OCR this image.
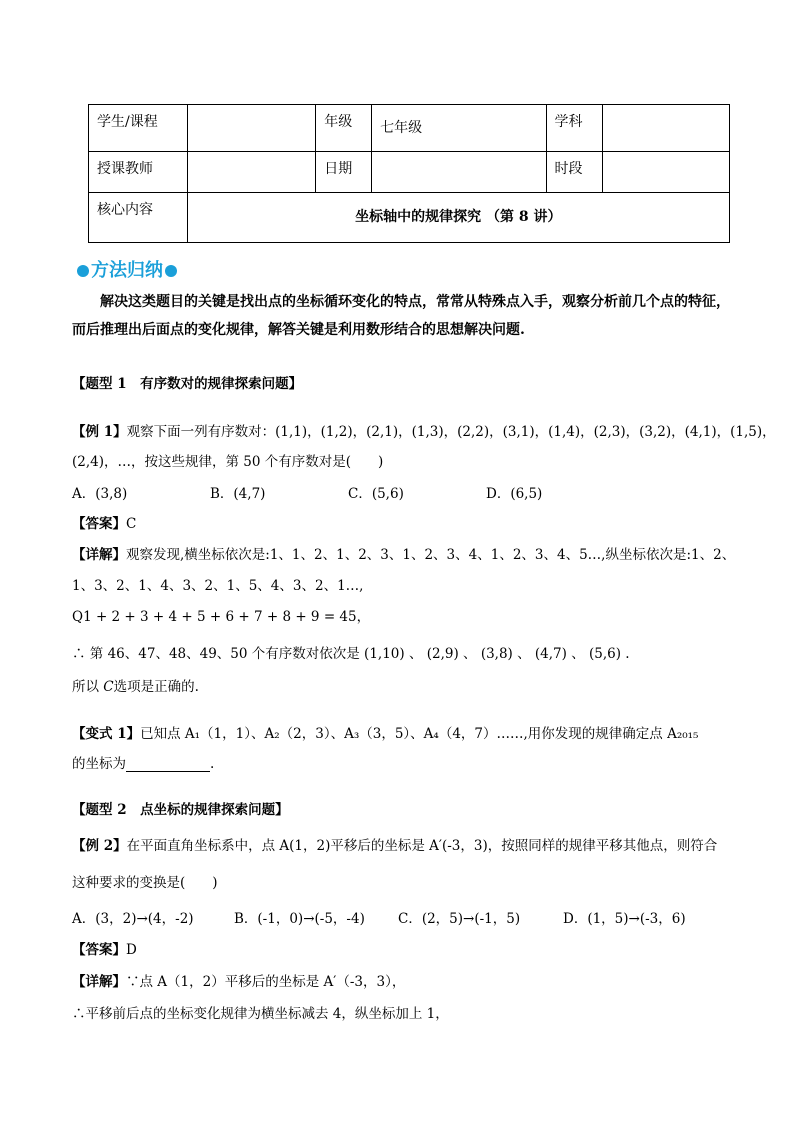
学生/课程		年级	七年级	学科	
授课教师		日期		时段	
核心内容	坐标轴中的规律探究 （第 8 讲）				
方法归纳
解决这类题目的关键是找出点的坐标循环变化的特点，常常从特殊点入手，观察分析前几个点的特征，而后推理出后面点的变化规律，解答关键是利用数形结合的思想解决问题.
【题型 1　有序数对的规律探索问题】
【例 1】观察下面一列有序数对：(1,1)，(1,2)，(2,1)，(1,3)，(2,2)，(3,1)，(1,4)，(2,3)，(3,2)，(4,1)，(1,5)，
(2,4)，…，按这些规律，第 50 个有序数对是(　　)
A．(3,8)	B．(4,7)	C．(5,6)	D．(6,5)
【答案】C
【详解】观察发现,横坐标依次是:1、1、2、1、2、3、1、2、3、4、1、2、3、4、5…,纵坐标依次是:1、2、
1、3、2、1、4、3、2、1、5、4、3、2、1…,
Q1 + 2 + 3 + 4 + 5 + 6 + 7 + 8 + 9 = 45，
∴ 第 46、47、48、49、50 个有序数对依次是 (1,10) 、 (2,9) 、 (3,8) 、 (4,7) 、 (5,6) .
所以 C选项是正确的.
【变式 1】已知点 A₁（1，1）、A₂（2，3）、A₃（3，5）、A₄（4，7）……,用你发现的规律确定点 A₂₀₁₅
的坐标为	.
【题型 2　点坐标的规律探索问题】
【例 2】在平面直角坐标系中，点 A(1，2)平移后的坐标是 A′(-3，3)，按照同样的规律平移其他点，则符合
这种要求的变换是(　　)
A．(3，2)→(4，-2)	B．(-1，0)→(-5，-4) C．(2，5)→(-1，5)	D．(1，5)→(-3，6)
【答案】D
【详解】∵点 A（1，2）平移后的坐标是 A′（-3，3），
∴平移前后点的坐标变化规律为横坐标减去 4，纵坐标加上 1，
